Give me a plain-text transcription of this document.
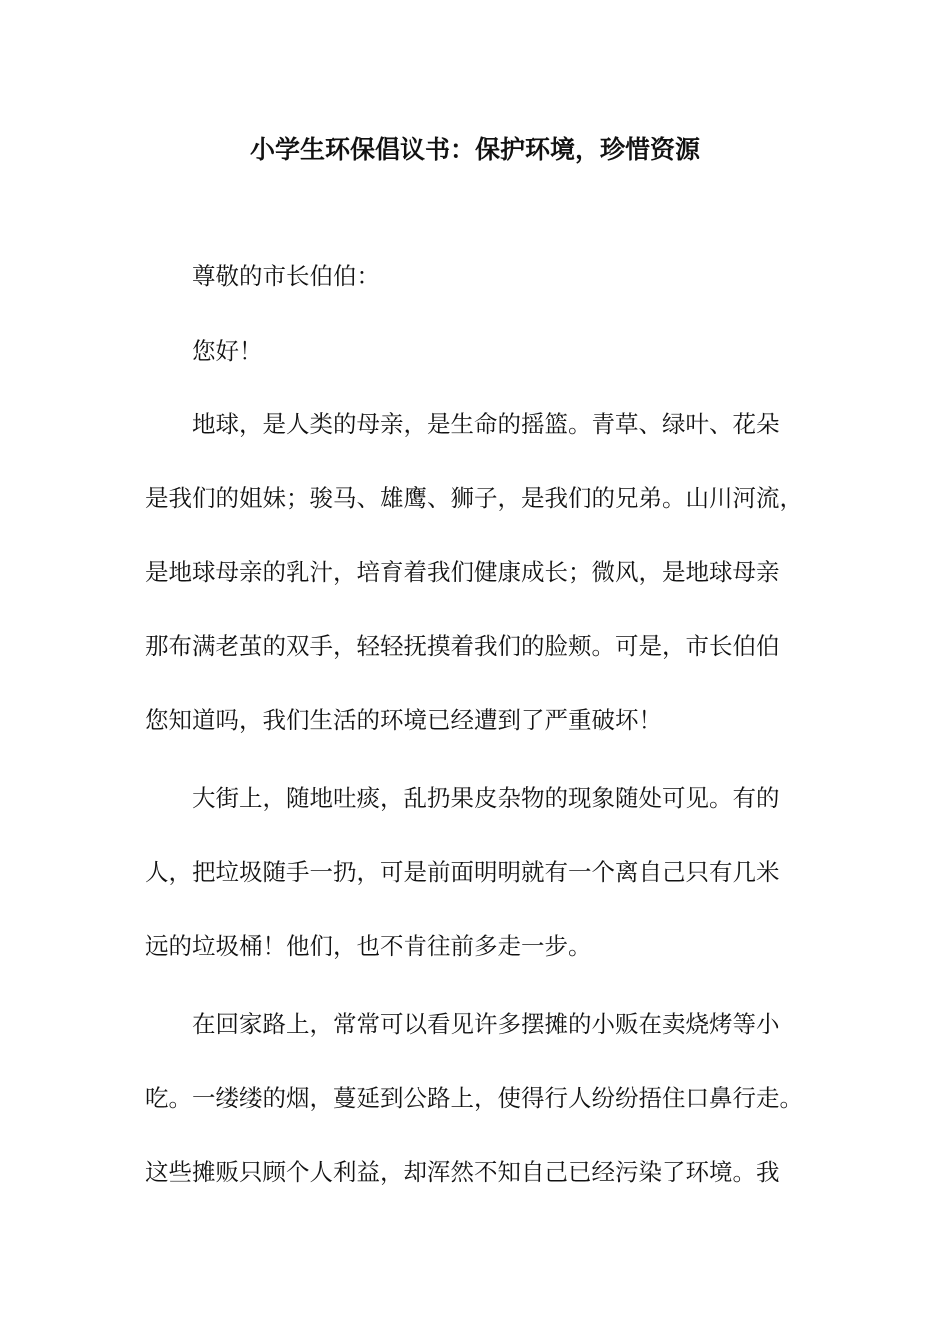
小学生环保倡议书：保护环境，珍惜资源

尊敬的市长伯伯：

您好！

地球，是人类的母亲，是生命的摇篮。青草、绿叶、花朵

是我们的姐妹；骏马、雄鹰、狮子，是我们的兄弟。山川河流，

是地球母亲的乳汁，培育着我们健康成长；微风，是地球母亲

那布满老茧的双手，轻轻抚摸着我们的脸颊。可是，市长伯伯

您知道吗，我们生活的环境已经遭到了严重破坏！

大街上，随地吐痰，乱扔果皮杂物的现象随处可见。有的

人，把垃圾随手一扔，可是前面明明就有一个离自己只有几米

远的垃圾桶！他们，也不肯往前多走一步。

在回家路上，常常可以看见许多摆摊的小贩在卖烧烤等小

吃。一缕缕的烟，蔓延到公路上，使得行人纷纷捂住口鼻行走。

这些摊贩只顾个人利益，却浑然不知自己已经污染了环境。我
